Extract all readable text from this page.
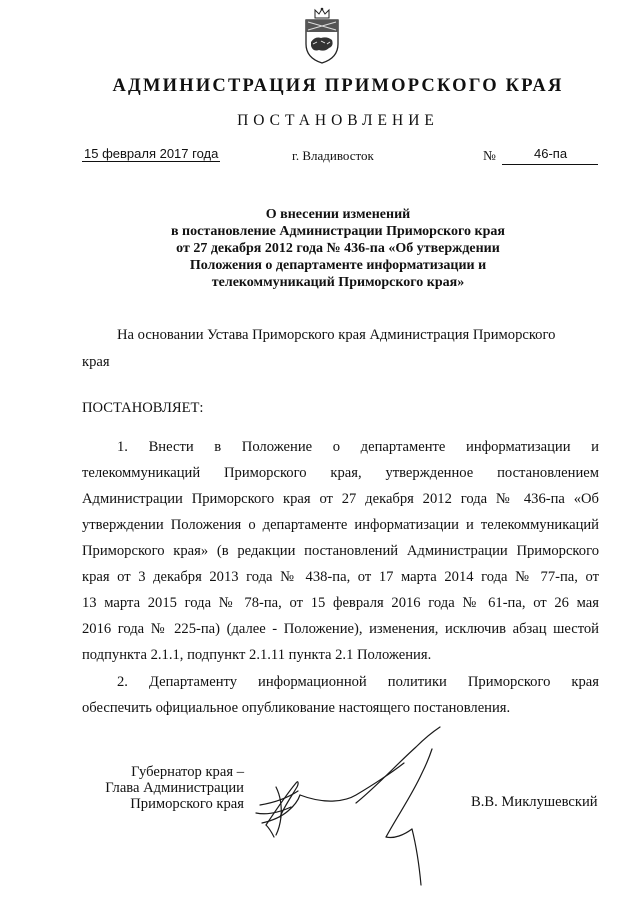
АДМИНИСТРАЦИЯ ПРИМОРСКОГО КРАЯ
ПОСТАНОВЛЕНИЕ
15 февраля 2017 года	г. Владивосток	№	46-па
О внесении изменений
в постановление Администрации Приморского края
от 27 декабря 2012 года № 436-па «Об утверждении
Положения о департаменте информатизации и
телекоммуникаций Приморского края»
На основании Устава Приморского края Администрация Приморского
края
ПОСТАНОВЛЯЕТ:
1. Внести в Положение о департаменте информатизации и
телекоммуникаций Приморского края, утвержденное постановлением
Администрации Приморского края от 27 декабря 2012 года № 436-па «Об
утверждении Положения о департаменте информатизации и телекоммуникаций
Приморского края» (в редакции постановлений Администрации Приморского
края от 3 декабря 2013 года № 438-па, от 17 марта 2014 года № 77-па, от
13 марта 2015 года № 78-па, от 15 февраля 2016 года № 61-па, от 26 мая
2016 года № 225-па) (далее - Положение), изменения, исключив абзац шестой
подпункта 2.1.1, подпункт 2.1.11 пункта 2.1 Положения.
2. Департаменту информационной политики Приморского края
обеспечить официальное опубликование настоящего постановления.
Губернатор края –
Глава Администрации
Приморского края	В.В. Миклушевский
